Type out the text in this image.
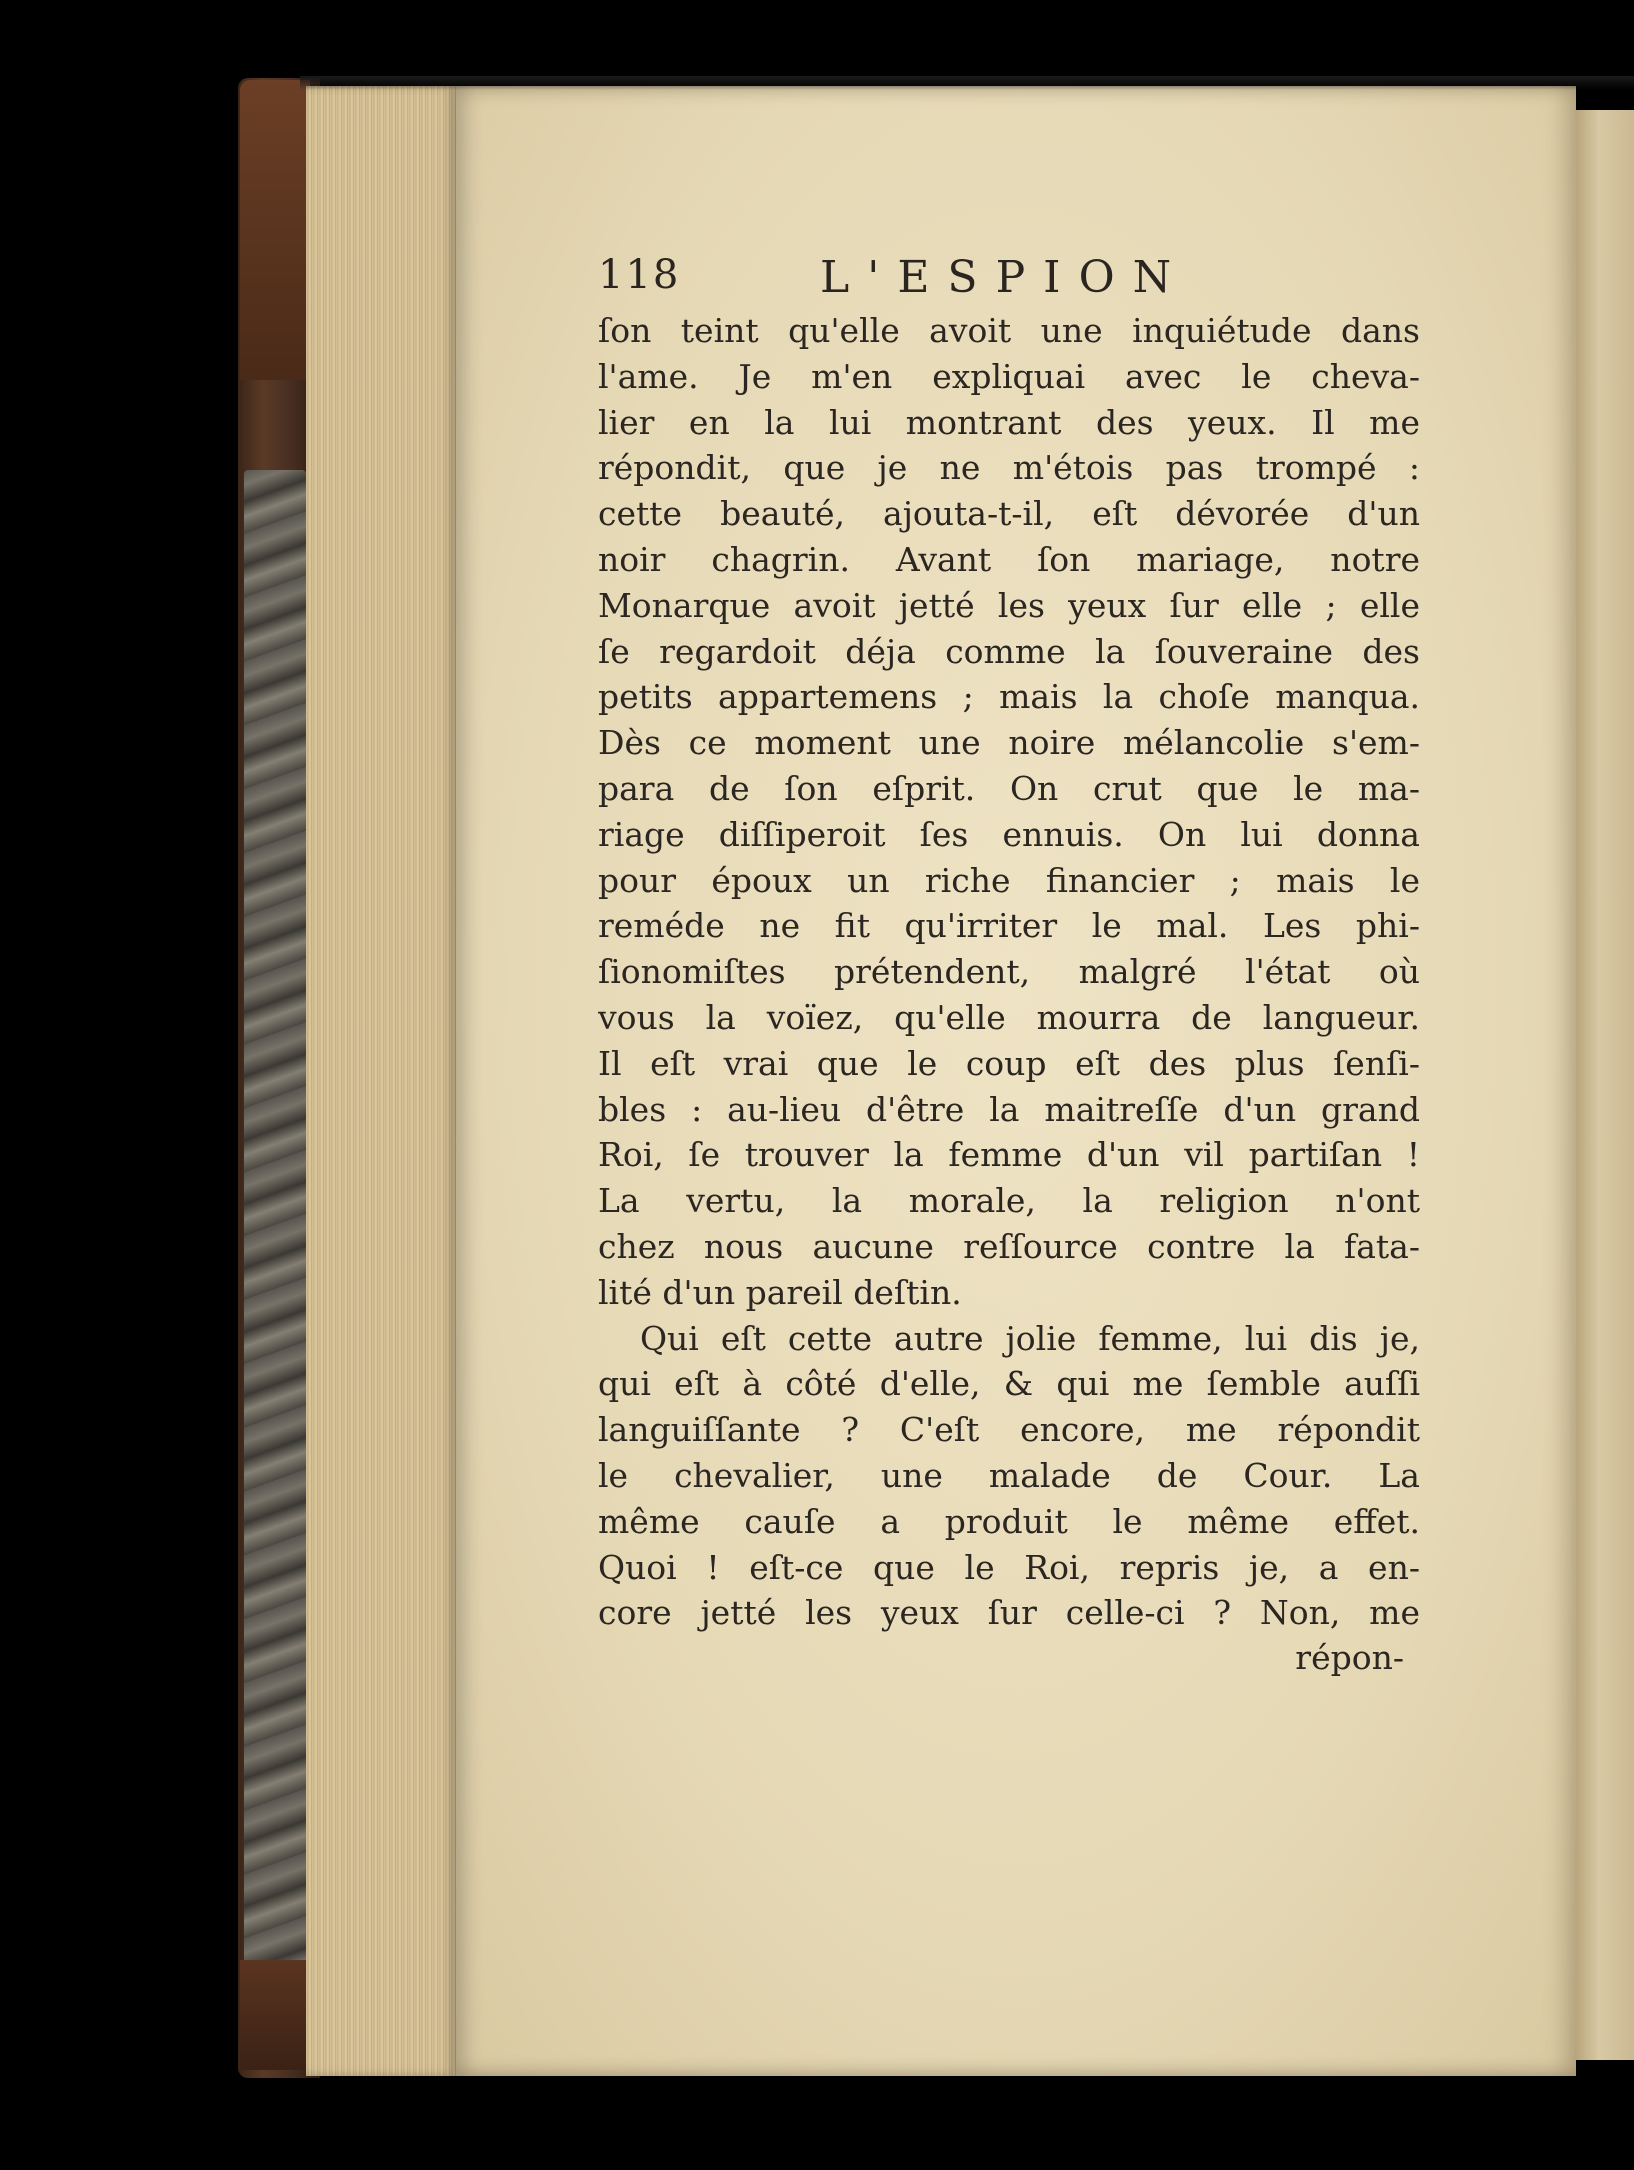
118	L'ESPION
ſon teint qu'elle avoit une inquiétude dans
l'ame. Je m'en expliquai avec le cheva-
lier en la lui montrant des yeux. Il me
répondit, que je ne m'étois pas trompé :
cette beauté, ajouta-t-il, eſt dévorée d'un
noir chagrin. Avant ſon mariage, notre
Monarque avoit jetté les yeux ſur elle ; elle
ſe regardoit déja comme la ſouveraine des
petits appartemens ; mais la choſe manqua.
Dès ce moment une noire mélancolie s'em-
para de ſon eſprit. On crut que le ma-
riage diſſiperoit ſes ennuis. On lui donna
pour époux un riche financier ; mais le
reméde ne fit qu'irriter le mal. Les phi-
ſionomiſtes prétendent, malgré l'état où
vous la voïez, qu'elle mourra de langueur.
Il eſt vrai que le coup eſt des plus ſenſi-
bles : au-lieu d'être la maitreſſe d'un grand
Roi, ſe trouver la femme d'un vil partiſan !
La vertu, la morale, la religion n'ont
chez nous aucune reſſource contre la fata-
lité d'un pareil deſtin.
Qui eſt cette autre jolie femme, lui dis je,
qui eſt à côté d'elle, & qui me ſemble auſſi
languiſſante ? C'eſt encore, me répondit
le chevalier, une malade de Cour. La
même cauſe a produit le même effet.
Quoi ! eſt-ce que le Roi, repris je, a en-
core jetté les yeux ſur celle-ci ? Non, me
répon-
